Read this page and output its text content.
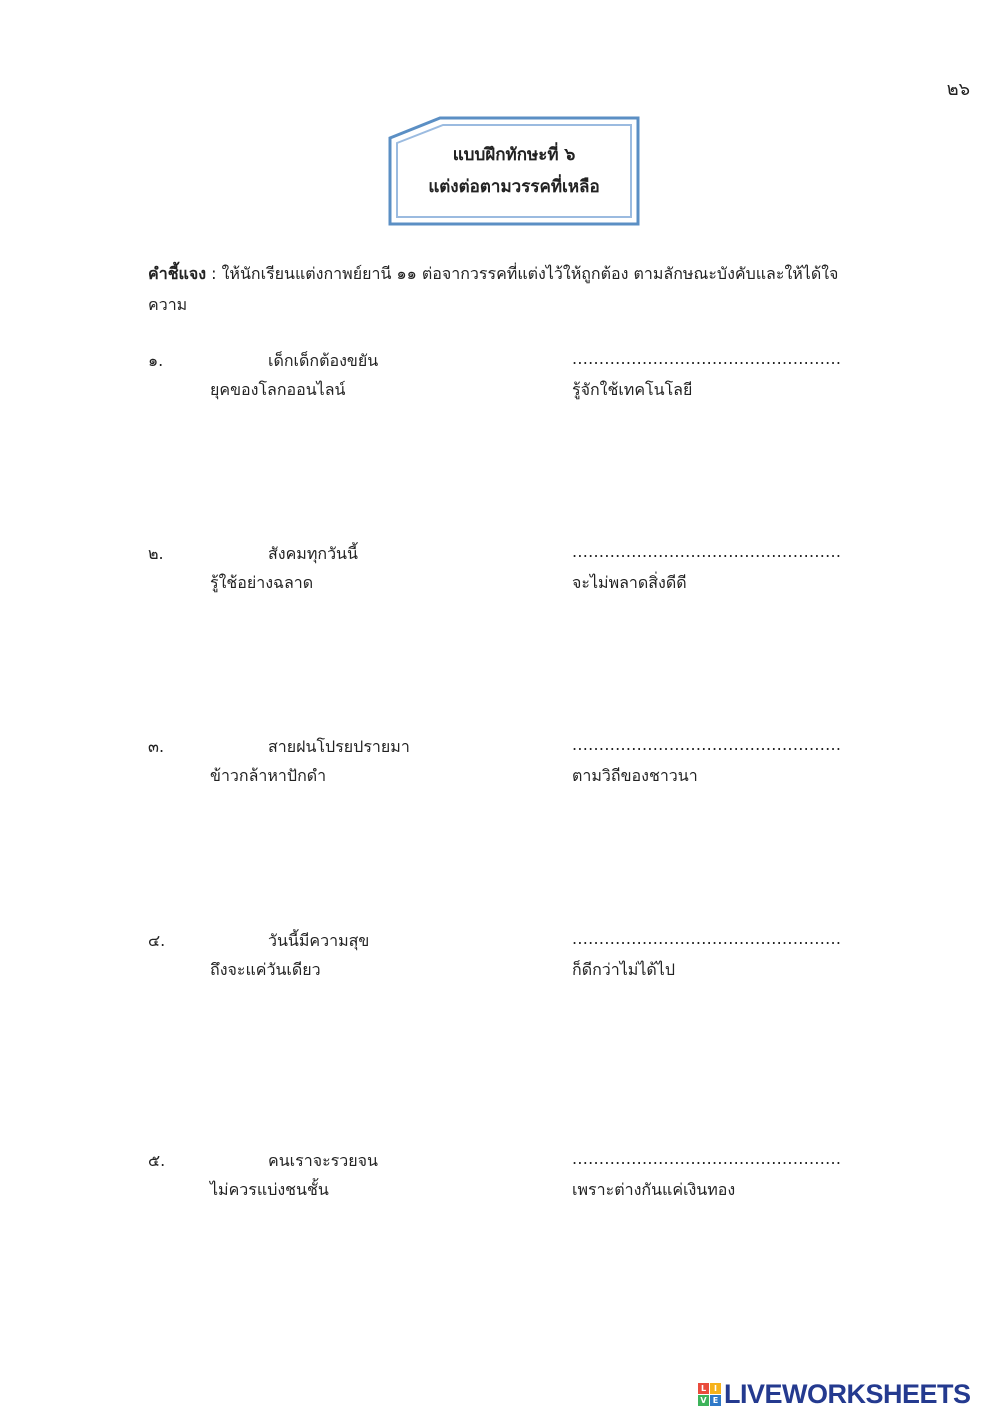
๒๖
แบบฝึกทักษะที่ ๖
แต่งต่อตามวรรคที่เหลือ
คำชี้แจง : ให้นักเรียนแต่งกาพย์ยานี ๑๑ ต่อจากวรรคที่แต่งไว้ให้ถูกต้อง ตามลักษณะบังคับและให้ได้ใจความ
๑.	เด็กเด็กต้องขยัน	..................................................
ยุคของโลกออนไลน์	รู้จักใช้เทคโนโลยี
๒.	สังคมทุกวันนี้	..................................................
รู้ใช้อย่างฉลาด	จะไม่พลาดสิ่งดีดี
๓.	สายฝนโปรยปรายมา	..................................................
ข้าวกล้าหาปักดำ	ตามวิถีของชาวนา
๔.	วันนี้มีความสุข	..................................................
ถึงจะแค่วันเดียว	ก็ดีกว่าไม่ได้ไป
๕.	คนเราจะรวยจน	..................................................
ไม่ควรแบ่งชนชั้น	เพราะต่างกันแค่เงินทอง
L I
V E LIVEWORKSHEETS
